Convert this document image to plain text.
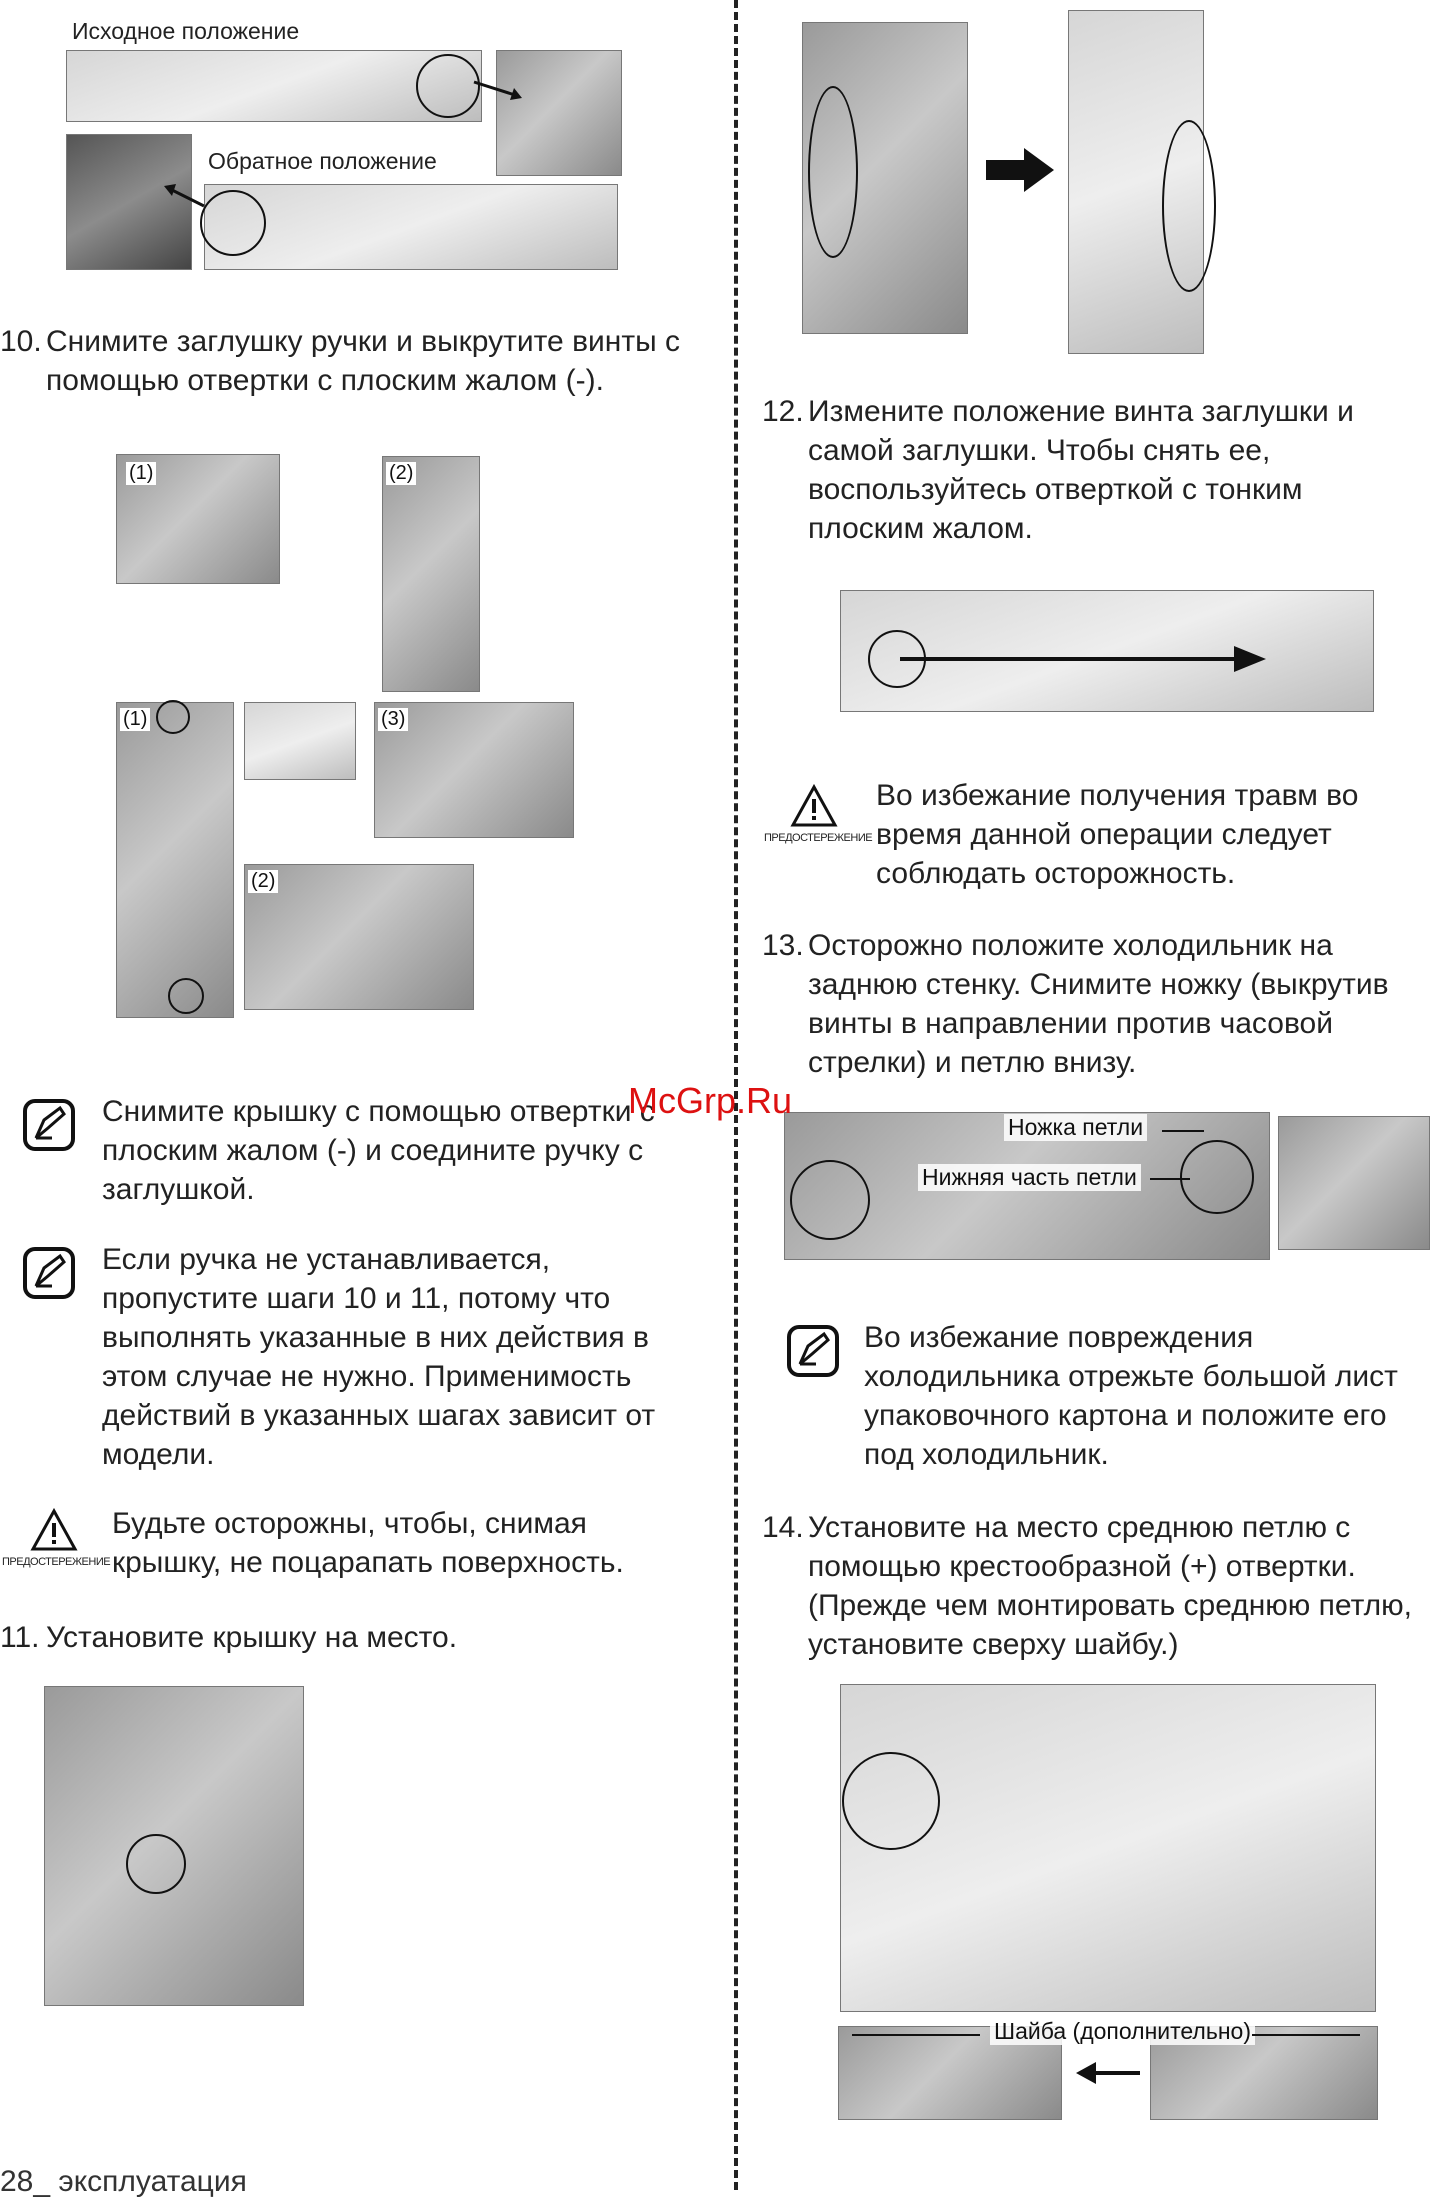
Исходное положение
Обратное положение
10. Снимите заглушку ручки и выкрутите винты с помощью отвертки с плоским жалом (-).
(1)	(2)
(1)	(3)
(2)
Снимите крышку с помощью отвертки с плоским жалом (-) и соедините ручку с заглушкой.
Если ручка не устанавливается, пропустите шаги 10 и 11, потому что выполнять указанные в них действия в этом случае не нужно. Применимость действий в указанных шагах зависит от модели.
ПРЕДОСТЕРЕЖЕНИЕ
Будьте осторожны, чтобы, снимая крышку, не поцарапать поверхность.
11. Установите крышку на место.
12. Измените положение винта заглушки и самой заглушки. Чтобы снять ее, воспользуйтесь отверткой с тонким плоским жалом.
ПРЕДОСТЕРЕЖЕНИЕ
Во избежание получения травм во время данной операции следует соблюдать осторожность.
13. Осторожно положите холодильник на заднюю стенку. Снимите ножку (выкрутив винты в направлении против часовой стрелки) и петлю внизу.
Ножка петли
Нижняя часть петли
McGrp.Ru
Во избежание повреждения холодильника отрежьте большой лист упаковочного картона и положите его под холодильник.
14. Установите на место среднюю петлю с помощью крестообразной (+) отвертки. (Прежде чем монтировать среднюю петлю, установите сверху шайбу.)
Шайба (дополнительно)
28_ эксплуатация
